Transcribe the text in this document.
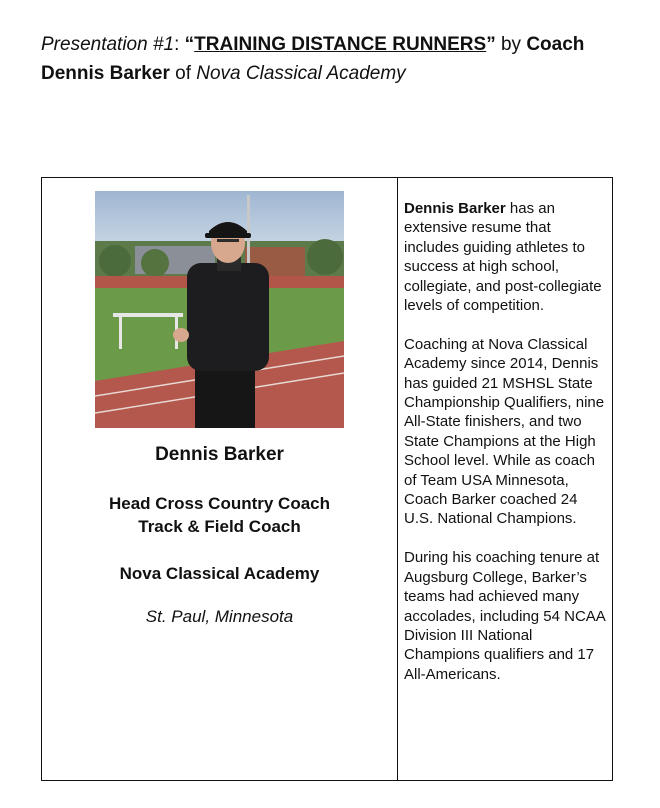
Presentation #1: “TRAINING DISTANCE RUNNERS” by Coach Dennis Barker of Nova Classical Academy
Dennis Barker
Head Cross Country Coach
Track & Field Coach
Nova Classical Academy
St. Paul, Minnesota

Dennis Barker has an extensive resume that includes guiding athletes to success at high school, collegiate, and post-collegiate levels of competition.

Coaching at Nova Classical Academy since 2014, Dennis has guided 21 MSHSL State Championship Qualifiers, nine All-State finishers, and two State Champions at the High School level. While as coach of Team USA Minnesota, Coach Barker coached 24 U.S. National Champions.

During his coaching tenure at Augsburg College, Barker’s teams had achieved many accolades, including 54 NCAA Division III National Champions qualifiers and 17 All-Americans.
